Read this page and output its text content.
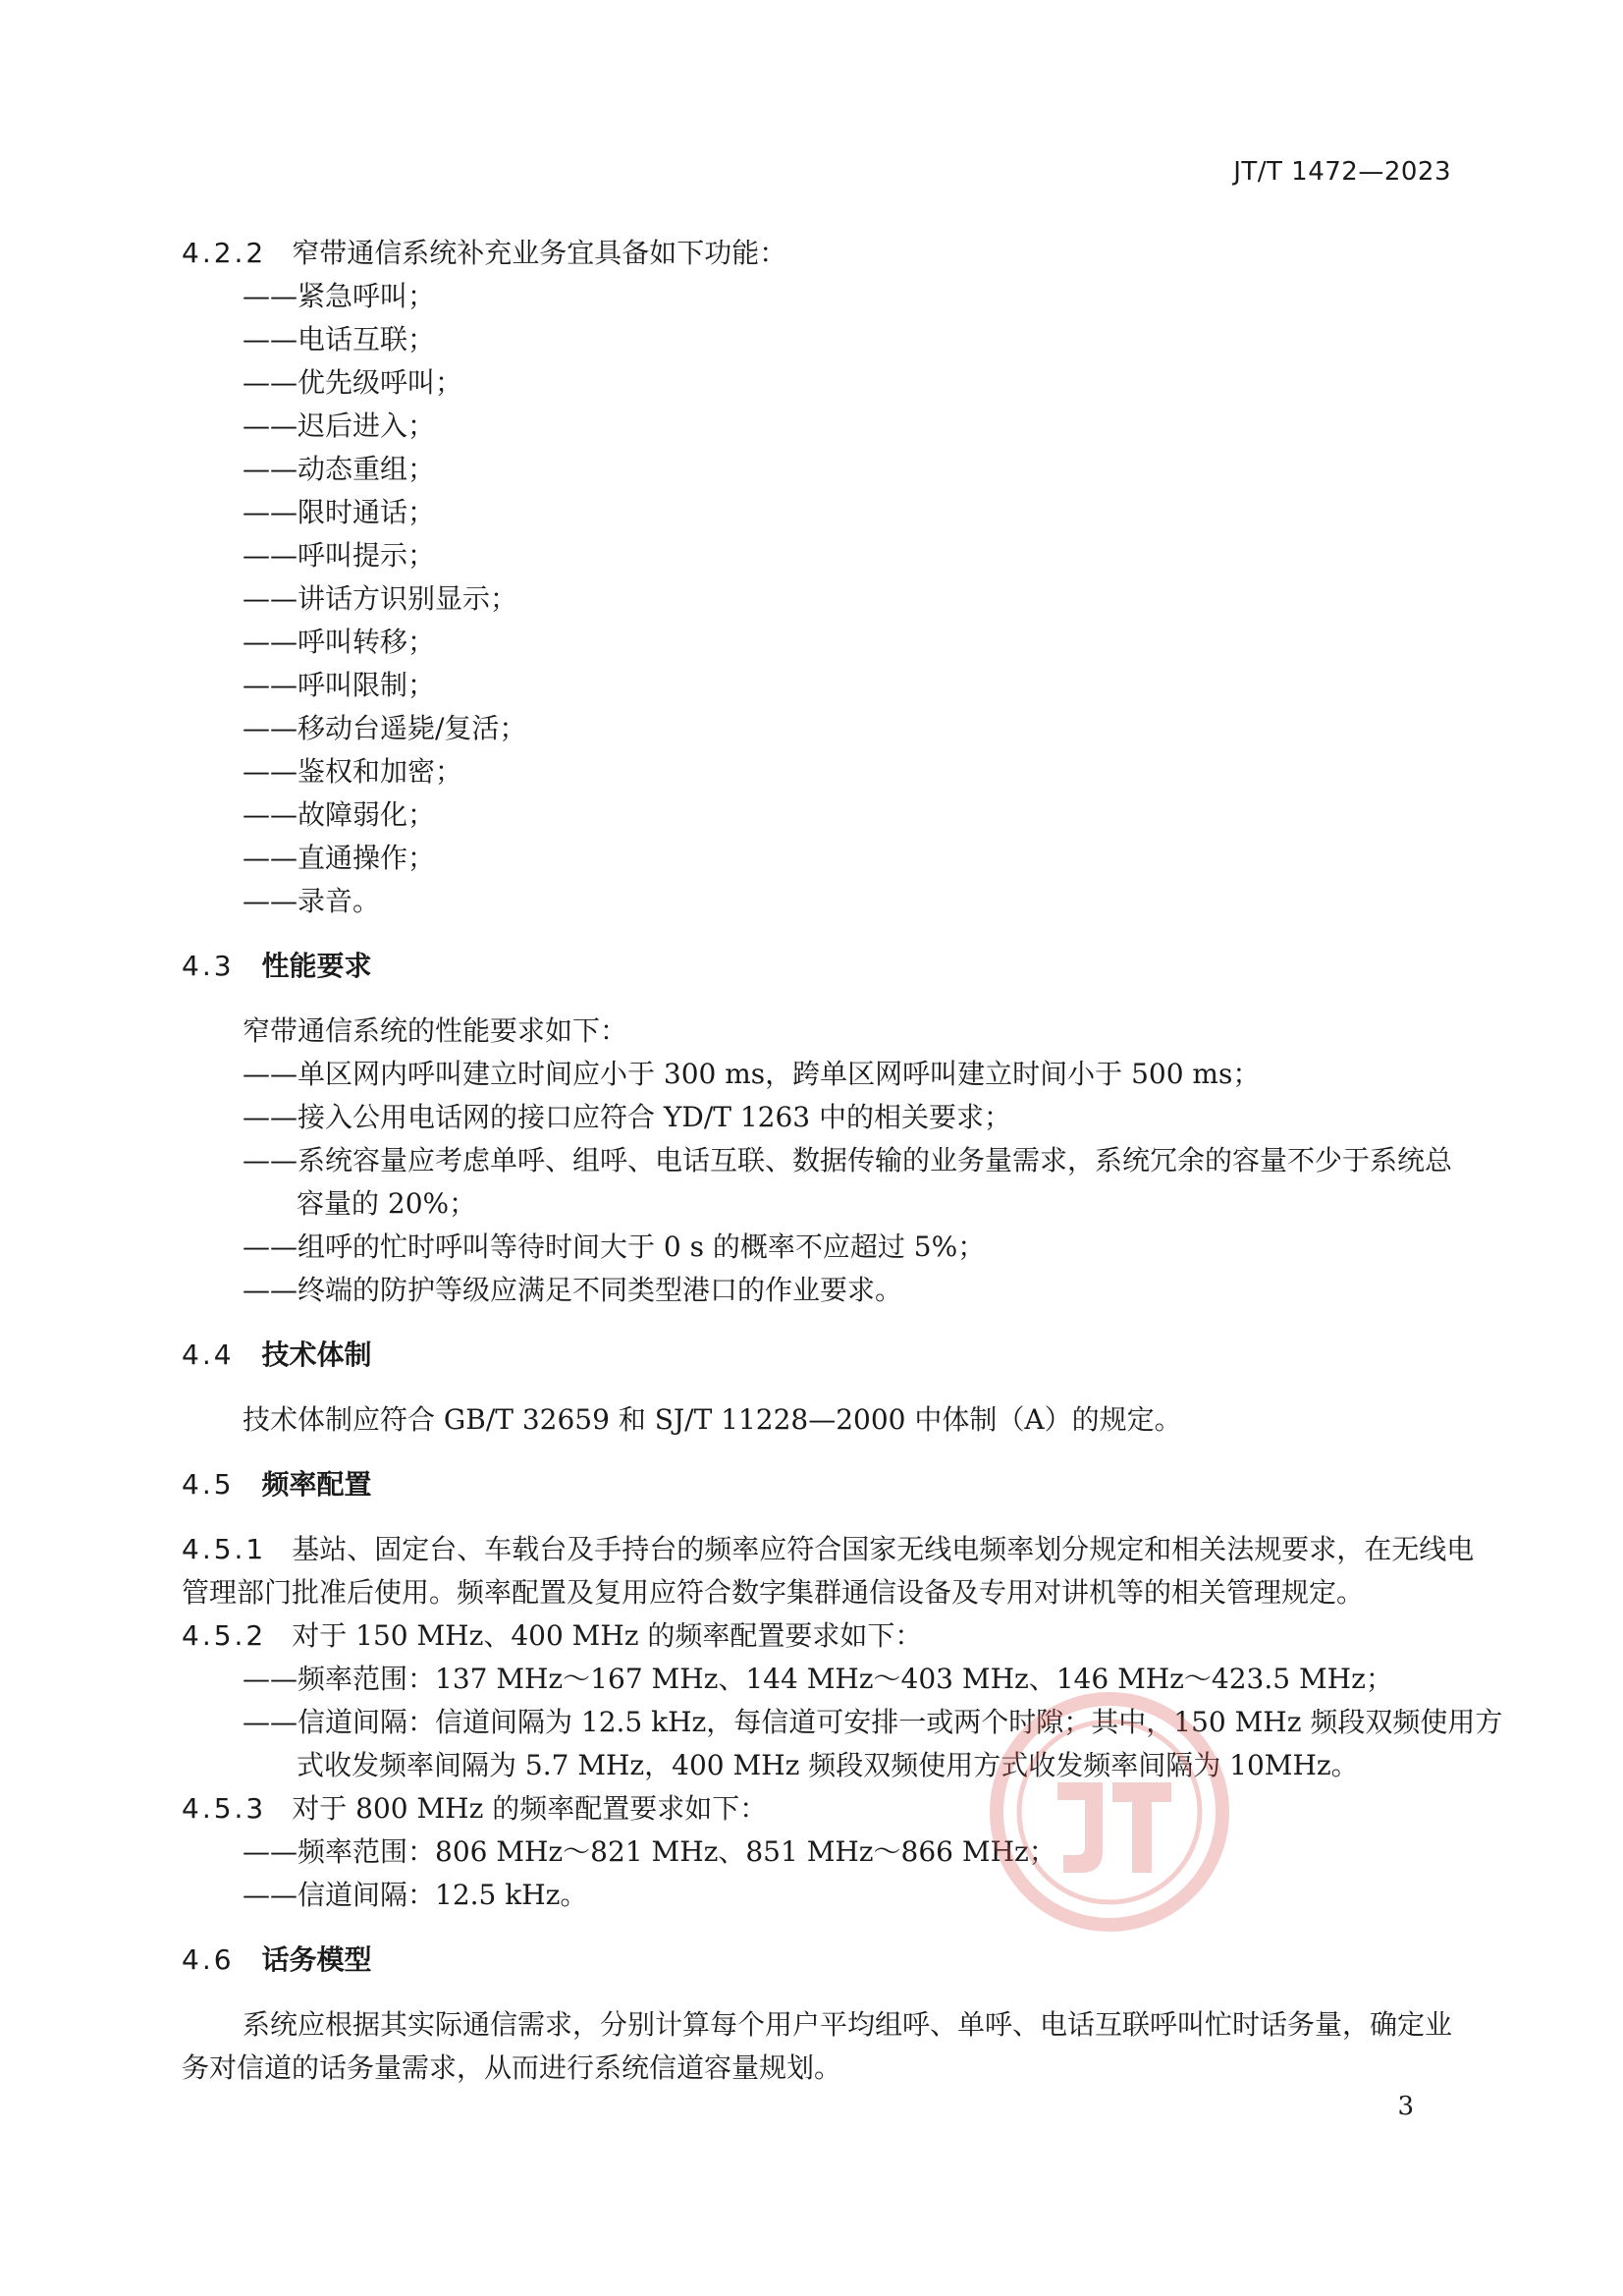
JT/T 1472—2023
4.2.2 窄带通信系统补充业务宜具备如下功能：
——紧急呼叫；
——电话互联；
——优先级呼叫；
——迟后进入；
——动态重组；
——限时通话；
——呼叫提示；
——讲话方识别显示；
——呼叫转移；
——呼叫限制；
——移动台遥毙/复活；
——鉴权和加密；
——故障弱化；
——直通操作；
——录音。
4.3 性能要求
窄带通信系统的性能要求如下：
——单区网内呼叫建立时间应小于 300 ms，跨单区网呼叫建立时间小于 500 ms；
——接入公用电话网的接口应符合 YD/T 1263 中的相关要求；
——系统容量应考虑单呼、组呼、电话互联、数据传输的业务量需求，系统冗余的容量不少于系统总
容量的 20%；
——组呼的忙时呼叫等待时间大于 0 s 的概率不应超过 5%；
——终端的防护等级应满足不同类型港口的作业要求。
4.4 技术体制
技术体制应符合 GB/T 32659 和 SJ/T 11228—2000 中体制（A）的规定。
4.5 频率配置
4.5.1 基站、固定台、车载台及手持台的频率应符合国家无线电频率划分规定和相关法规要求，在无线电
管理部门批准后使用。频率配置及复用应符合数字集群通信设备及专用对讲机等的相关管理规定。
4.5.2 对于 150 MHz、400 MHz 的频率配置要求如下：
——频率范围：137 MHz～167 MHz、144 MHz～403 MHz、146 MHz～423.5 MHz；
——信道间隔：信道间隔为 12.5 kHz，每信道可安排一或两个时隙；其中，150 MHz 频段双频使用方
式收发频率间隔为 5.7 MHz，400 MHz 频段双频使用方式收发频率间隔为 10MHz。
4.5.3 对于 800 MHz 的频率配置要求如下：
——频率范围：806 MHz～821 MHz、851 MHz～866 MHz；
——信道间隔：12.5 kHz。
4.6 话务模型
系统应根据其实际通信需求，分别计算每个用户平均组呼、单呼、电话互联呼叫忙时话务量，确定业
务对信道的话务量需求，从而进行系统信道容量规划。
3
